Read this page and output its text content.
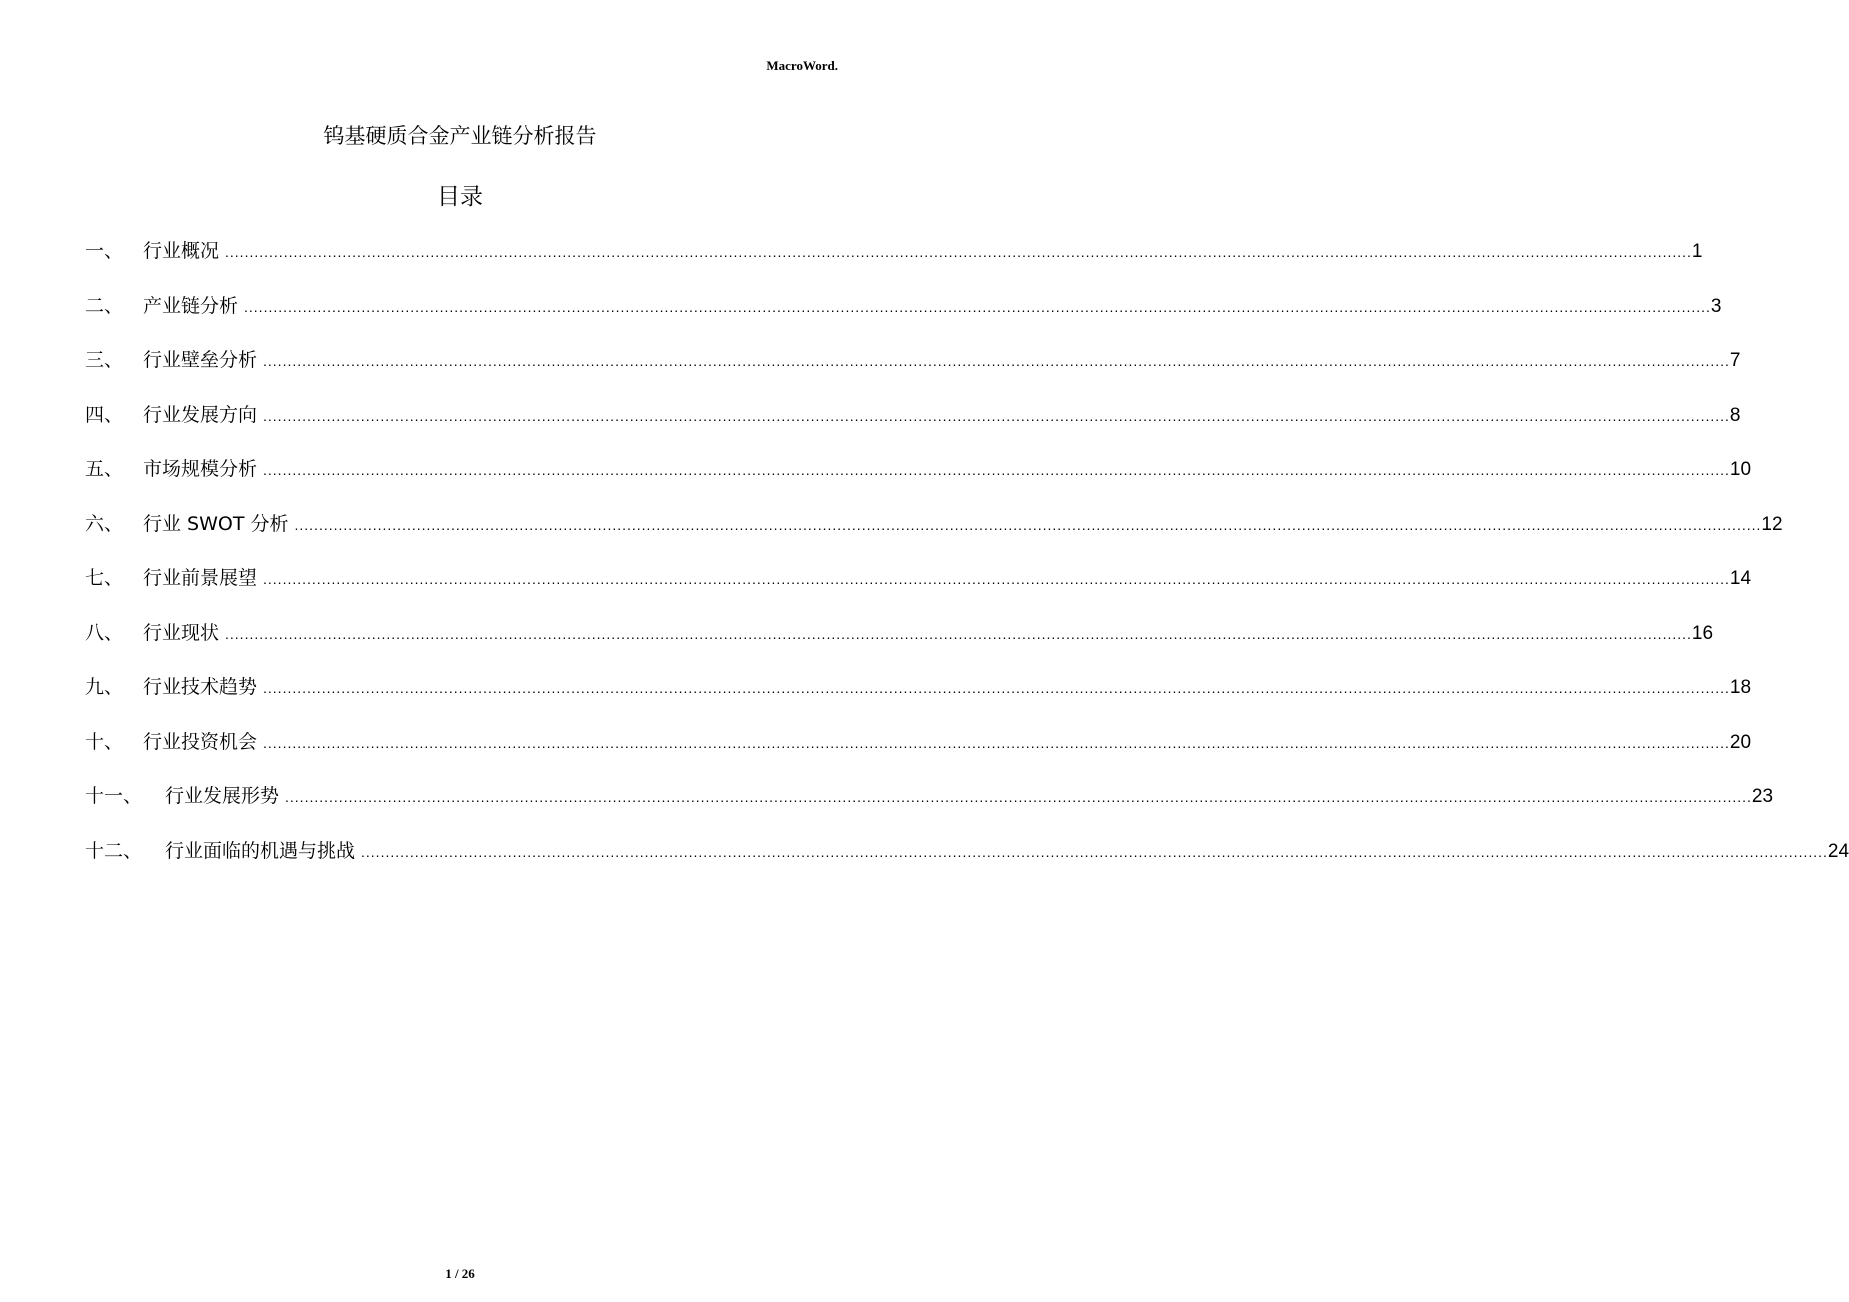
MacroWord.
钨基硬质合金产业链分析报告
目录
一、	行业概况 ............................................................................................................................................................................................................................................................................................................ 1
二、	产业链分析 ............................................................................................................................................................................................................................................................................................................ 3
三、	行业壁垒分析 ............................................................................................................................................................................................................................................................................................................ 7
四、	行业发展方向 ............................................................................................................................................................................................................................................................................................................ 8
五、	市场规模分析 ............................................................................................................................................................................................................................................................................................................ 10
六、	行业 SWOT 分析 ............................................................................................................................................................................................................................................................................................................ 12
七、	行业前景展望 ............................................................................................................................................................................................................................................................................................................ 14
八、	行业现状 ............................................................................................................................................................................................................................................................................................................ 16
九、	行业技术趋势 ............................................................................................................................................................................................................................................................................................................ 18
十、	行业投资机会 ............................................................................................................................................................................................................................................................................................................ 20
十一、	行业发展形势 ............................................................................................................................................................................................................................................................................................................ 23
十二、	行业面临的机遇与挑战 ............................................................................................................................................................................................................................................................................................................ 24
1 / 26
